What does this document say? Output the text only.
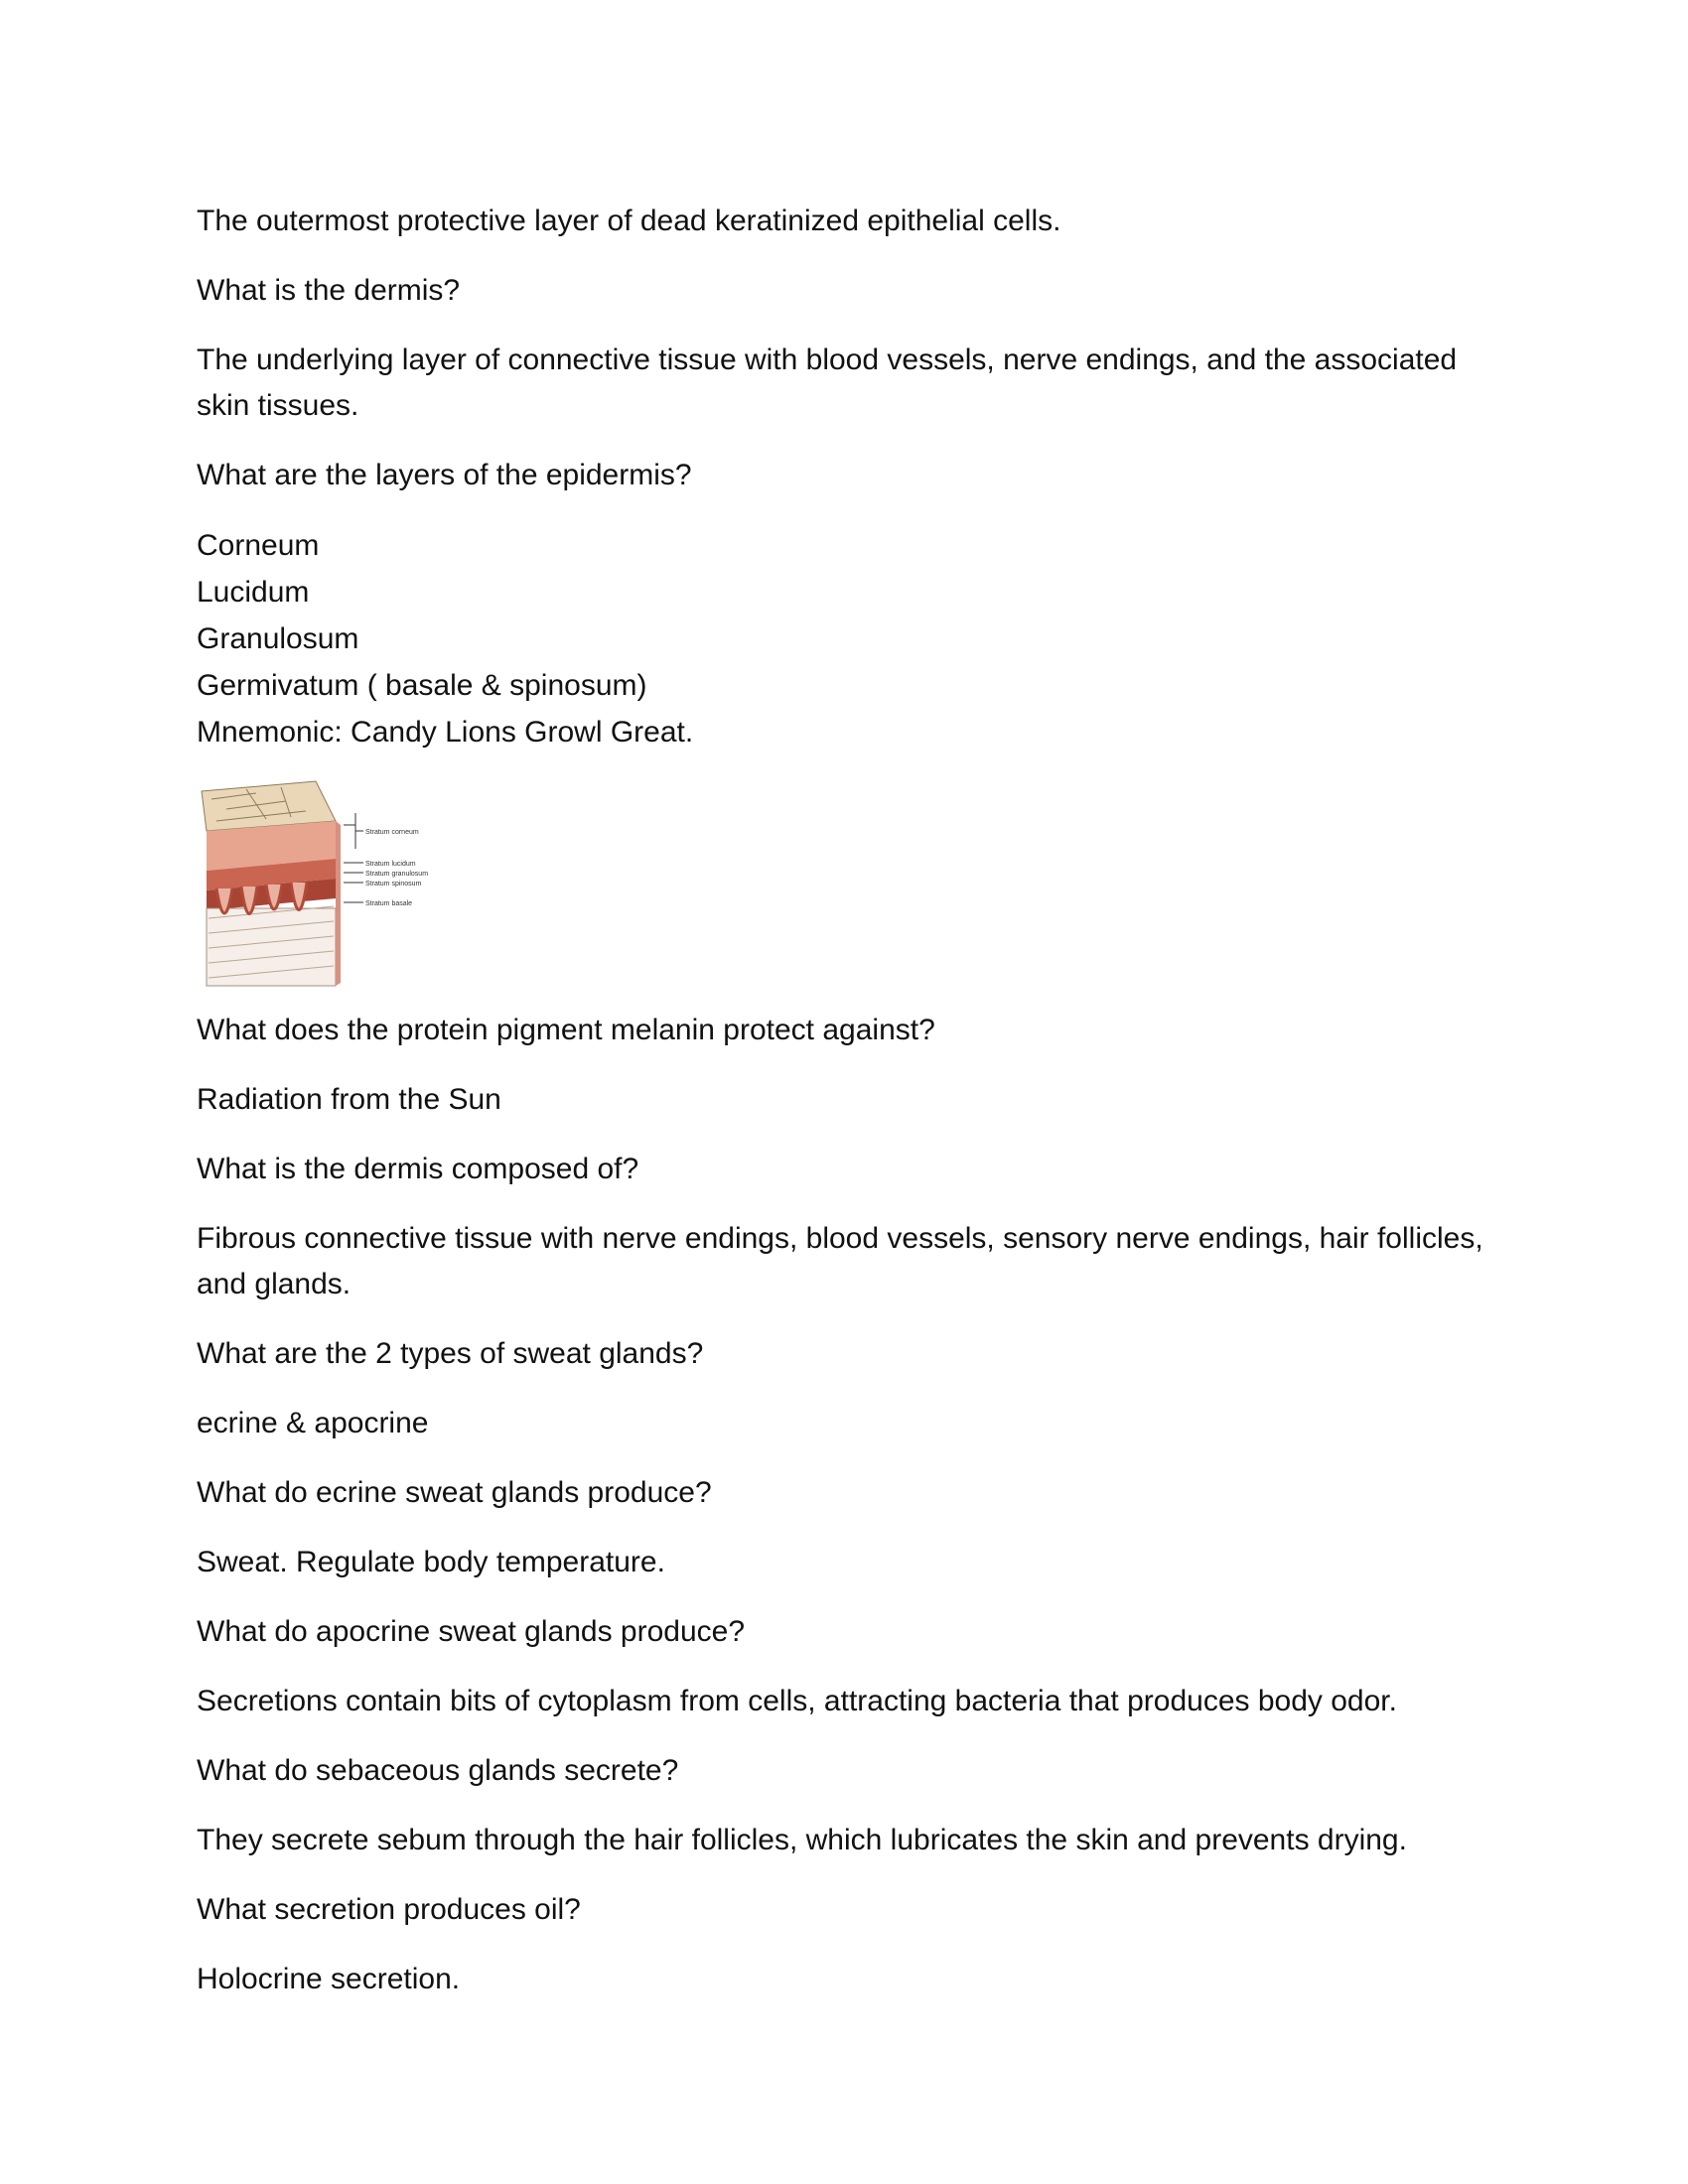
The outermost protective layer of dead keratinized epithelial cells.

What is the dermis?

The underlying layer of connective tissue with blood vessels, nerve endings, and the associated skin tissues.

What are the layers of the epidermis?

Corneum
Lucidum
Granulosum
Germivatum ( basale & spinosum)
Mnemonic: Candy Lions Growl Great.
Stratum corneum
Stratum lucidum
Stratum granulosum
Stratum spinosum
Stratum basale

What does the protein pigment melanin protect against?

Radiation from the Sun

What is the dermis composed of?

Fibrous connective tissue with nerve endings, blood vessels, sensory nerve endings, hair follicles, and glands.

What are the 2 types of sweat glands?

ecrine & apocrine

What do ecrine sweat glands produce?

Sweat. Regulate body temperature.

What do apocrine sweat glands produce?

Secretions contain bits of cytoplasm from cells, attracting bacteria that produces body odor.

What do sebaceous glands secrete?

They secrete sebum through the hair follicles, which lubricates the skin and prevents drying.

What secretion produces oil?

Holocrine secretion.
